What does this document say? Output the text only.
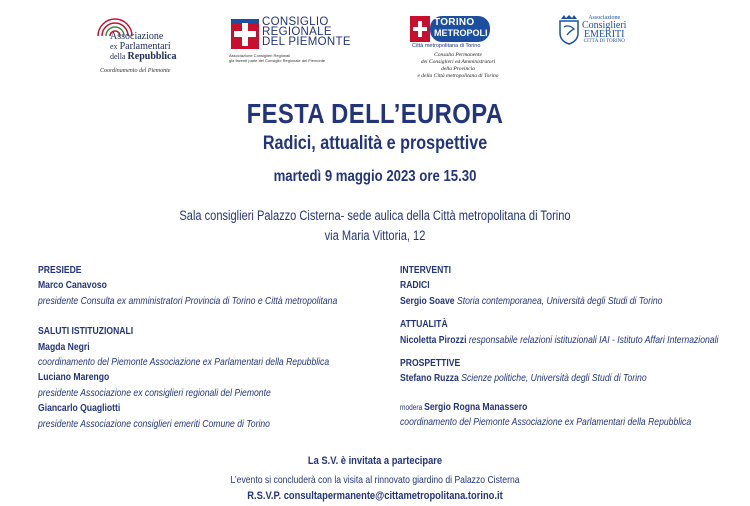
Associazione
ex Parlamentari
della Repubblica
Coordinamento del Piemonte
CONSIGLIO
REGIONALE
DEL PIEMONTE
Associazione Consiglieri Regionali
già facenti parte del Consiglio Regionale del Piemonte
TORINO
METROPOLI
Città metropolitana di Torino
Consulta Permanente
dei Consiglieri ed Amministratori
della Provincia
e della Città metropolitana di Torino
Associazione
Consiglieri
EMERITI
CITTÀ DI TORINO
FESTA DELL’EUROPA
Radici, attualità e prospettive
martedì 9 maggio 2023 ore 15.30
Sala consiglieri Palazzo Cisterna- sede aulica della Città metropolitana di Torino
via Maria Vittoria, 12
PRESIEDE
Marco Canavoso
presidente Consulta ex amministratori Provincia di Torino e Città metropolitana
SALUTI ISTITUZIONALI
Magda Negri
coordinamento del Piemonte Associazione ex Parlamentari della Repubblica
Luciano Marengo
presidente Associazione ex consiglieri regionali del Piemonte
Giancarlo Quagliotti
presidente Associazione consiglieri emeriti Comune di Torino
INTERVENTI
RADICI
Sergio Soave Storia contemporanea, Università degli Studi di Torino
ATTUALITÀ
Nicoletta Pirozzi responsabile relazioni istituzionali IAI - Istituto Affari Internazionali
PROSPETTIVE
Stefano Ruzza Scienze politiche, Università degli Studi di Torino
modera Sergio Rogna Manassero
coordinamento del Piemonte Associazione ex Parlamentari della Repubblica
La S.V. è invitata a partecipare
L’evento si concluderà con la visita al rinnovato giardino di Palazzo Cisterna
R.S.V.P. consultapermanente@cittametropolitana.torino.it
